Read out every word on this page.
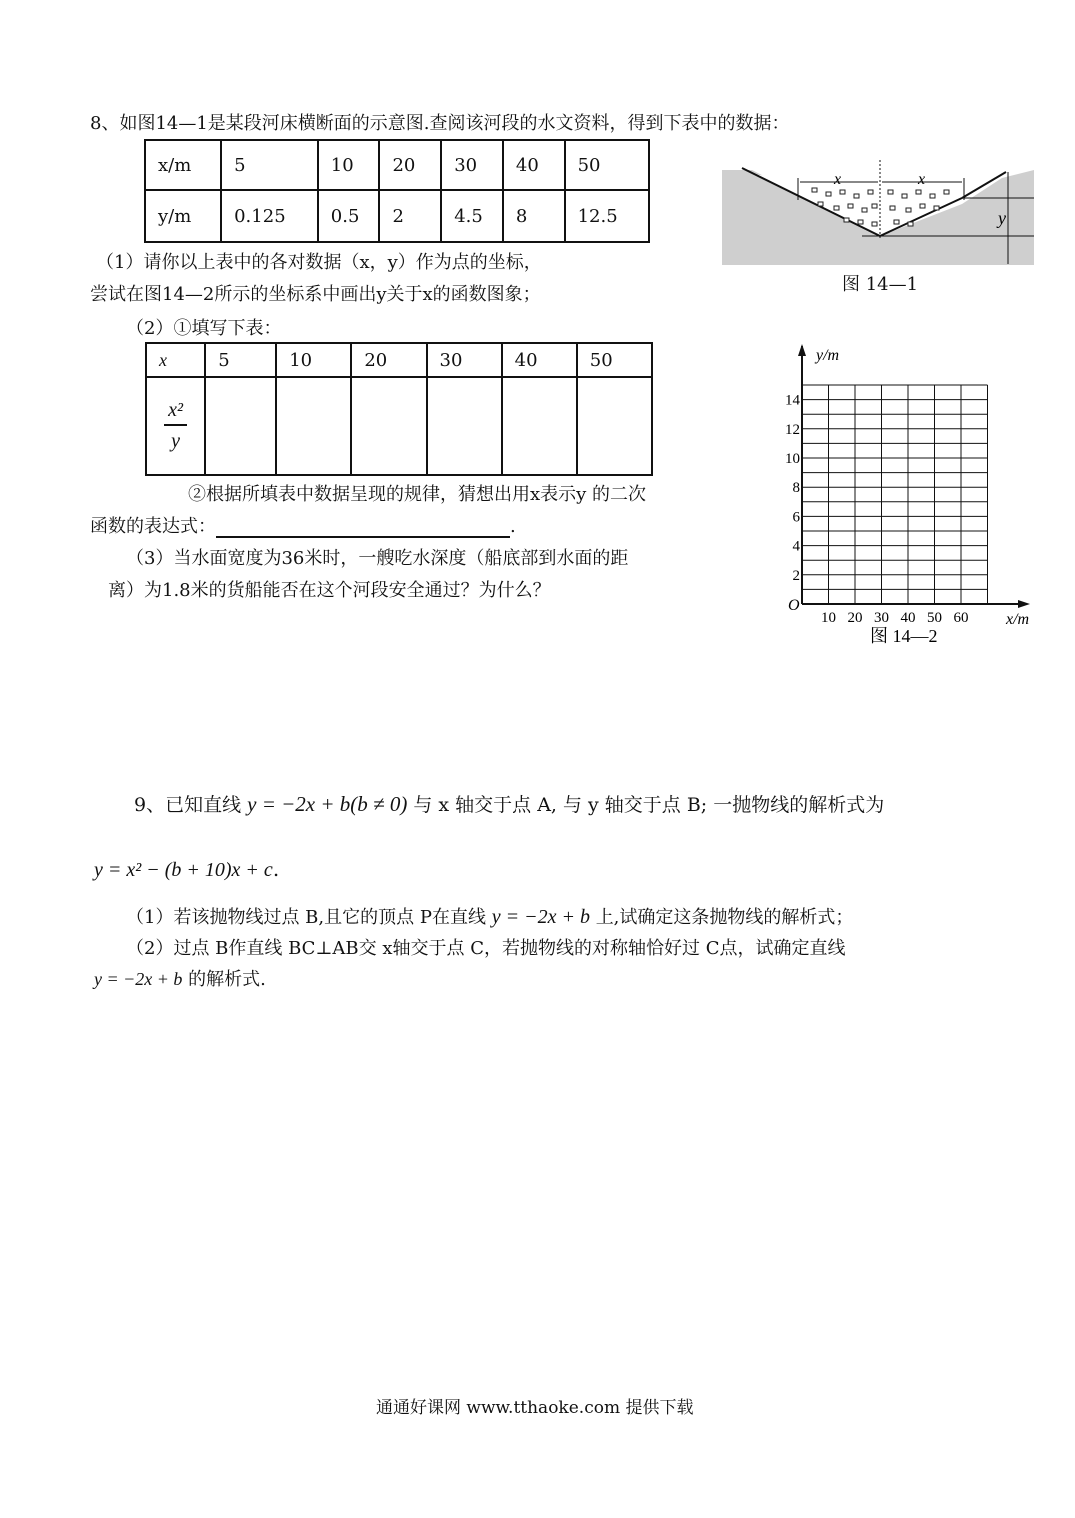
8、如图14—1是某段河床横断面的示意图.查阅该河段的水文资料，得到下表中的数据：
x/m	5	10	20	30	40	50
y/m	0.125	0.5	2	4.5	8	12.5
x	x
y
图 14—1
（1）请你以上表中的各对数据（x，y）作为点的坐标，
尝试在图14—2所示的坐标系中画出y关于x的函数图象；
（2）①填写下表：
x	5	10	20	30	40	50

$\frac{\text{x²}}{y}$

②根据所填表中数据呈现的规律，猜想出用x表示y 的二次
函数的表达式：	.
（3）当水面宽度为36米时，一艘吃水深度（船底部到水面的距
离）为1.8米的货船能否在这个河段安全通过？为什么？
y/m
x/m
O
2
4
6
8
10
12
14
10 20 30 40 50 60
图 14—2
9、已知直线 y = −2x + b(b ≠ 0) 与 x 轴交于点 A, 与 y 轴交于点 B; 一抛物线的解析式为
y = x² − (b + 10)x + c.
（1）若该抛物线过点 B,且它的顶点 P在直线 y = −2x + b 上,试确定这条抛物线的解析式；
（2）过点 B作直线 BC⊥AB交 x轴交于点 C，若抛物线的对称轴恰好过 C点，试确定直线
y = −2x + b 的解析式.
通通好课网 www.tthaoke.com 提供下载
